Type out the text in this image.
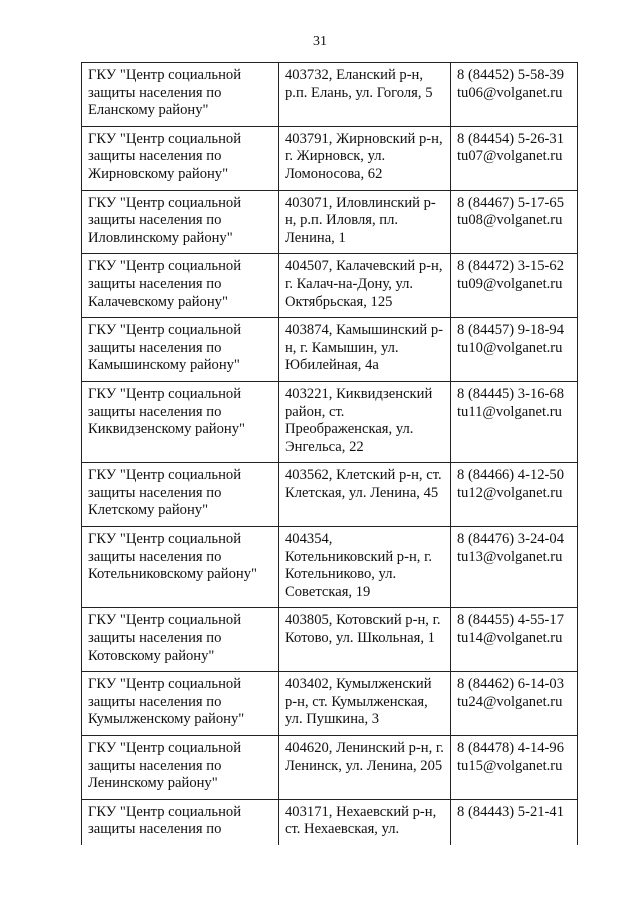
31
ГКУ "Центр социальной защиты населения по Еланскому району"	403732, Еланский р-н, р.п. Елань, ул. Гоголя, 5	8 (84452) 5-58-39
tu06@volganet.ru

ГКУ "Центр социальной защиты населения по Жирновскому району"	403791, Жирновский р-н, г. Жирновск, ул. Ломоносова, 62	8 (84454) 5-26-31
tu07@volganet.ru

ГКУ "Центр социальной защиты населения по Иловлинскому району"	403071, Иловлинский р-н, р.п. Иловля, пл. Ленина, 1	8 (84467) 5-17-65
tu08@volganet.ru

ГКУ "Центр социальной защиты населения по Калачевскому району"	404507, Калачевский р-н, г. Калач-на-Дону, ул. Октябрьская, 125	8 (84472) 3-15-62
tu09@volganet.ru

ГКУ "Центр социальной защиты населения по Камышинскому району"	403874, Камышинский р-н, г. Камышин, ул. Юбилейная, 4а	8 (84457) 9-18-94
tu10@volganet.ru

ГКУ "Центр социальной защиты населения по Киквидзенскому району"	403221, Киквидзенский район, ст. Преображенская, ул. Энгельса, 22	8 (84445) 3-16-68
tu11@volganet.ru

ГКУ "Центр социальной защиты населения по Клетскому району"	403562, Клетский р-н, ст. Клетская, ул. Ленина, 45	8 (84466) 4-12-50
tu12@volganet.ru

ГКУ "Центр социальной защиты населения по Котельниковскому району"	404354, Котельниковский р-н, г. Котельниково, ул. Советская, 19	8 (84476) 3-24-04
tu13@volganet.ru

ГКУ "Центр социальной защиты населения по Котовскому району"	403805, Котовский р-н, г. Котово, ул. Школьная, 1	8 (84455) 4-55-17
tu14@volganet.ru

ГКУ "Центр социальной защиты населения по Кумылженскому району"	403402, Кумылженский р-н, ст. Кумылженская, ул. Пушкина, 3	8 (84462) 6-14-03
tu24@volganet.ru

ГКУ "Центр социальной защиты населения по Ленинскому району"	404620, Ленинский р-н, г. Ленинск, ул. Ленина, 205	8 (84478) 4-14-96
tu15@volganet.ru

ГКУ "Центр социальной защиты населения по	403171, Нехаевский р-н, ст. Нехаевская, ул.	8 (84443) 5-21-41
